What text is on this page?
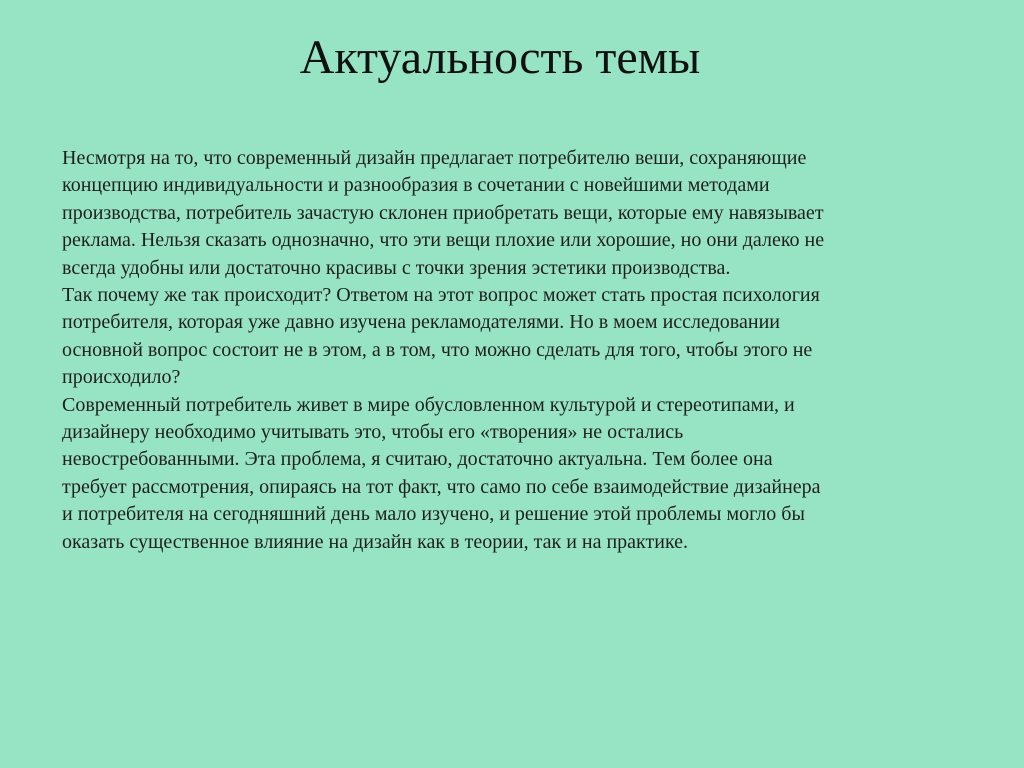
Актуальность темы
Несмотря на то, что современный дизайн предлагает потребителю веши, сохраняющие
концепцию индивидуальности и разнообразия в сочетании с новейшими методами
производства, потребитель зачастую склонен приобретать вещи, которые ему навязывает
реклама. Нельзя сказать однозначно, что эти вещи плохие или хорошие, но они далеко не
всегда удобны или достаточно красивы с точки зрения эстетики производства.
Так почему же так происходит? Ответом на этот вопрос может стать простая психология
потребителя, которая уже давно изучена рекламодателями. Но в моем исследовании
основной вопрос состоит не в этом, а в том, что можно сделать для того, чтобы этого не
происходило?
Современный потребитель живет в мире обусловленном культурой и стереотипами, и
дизайнеру необходимо учитывать это, чтобы его «творения» не остались
невостребованными. Эта проблема, я считаю, достаточно актуальна. Тем более она
требует рассмотрения, опираясь на тот факт, что само по себе взаимодействие дизайнера
и потребителя на сегодняшний день мало изучено, и решение этой проблемы могло бы
оказать существенное влияние на дизайн как в теории, так и на практике.
